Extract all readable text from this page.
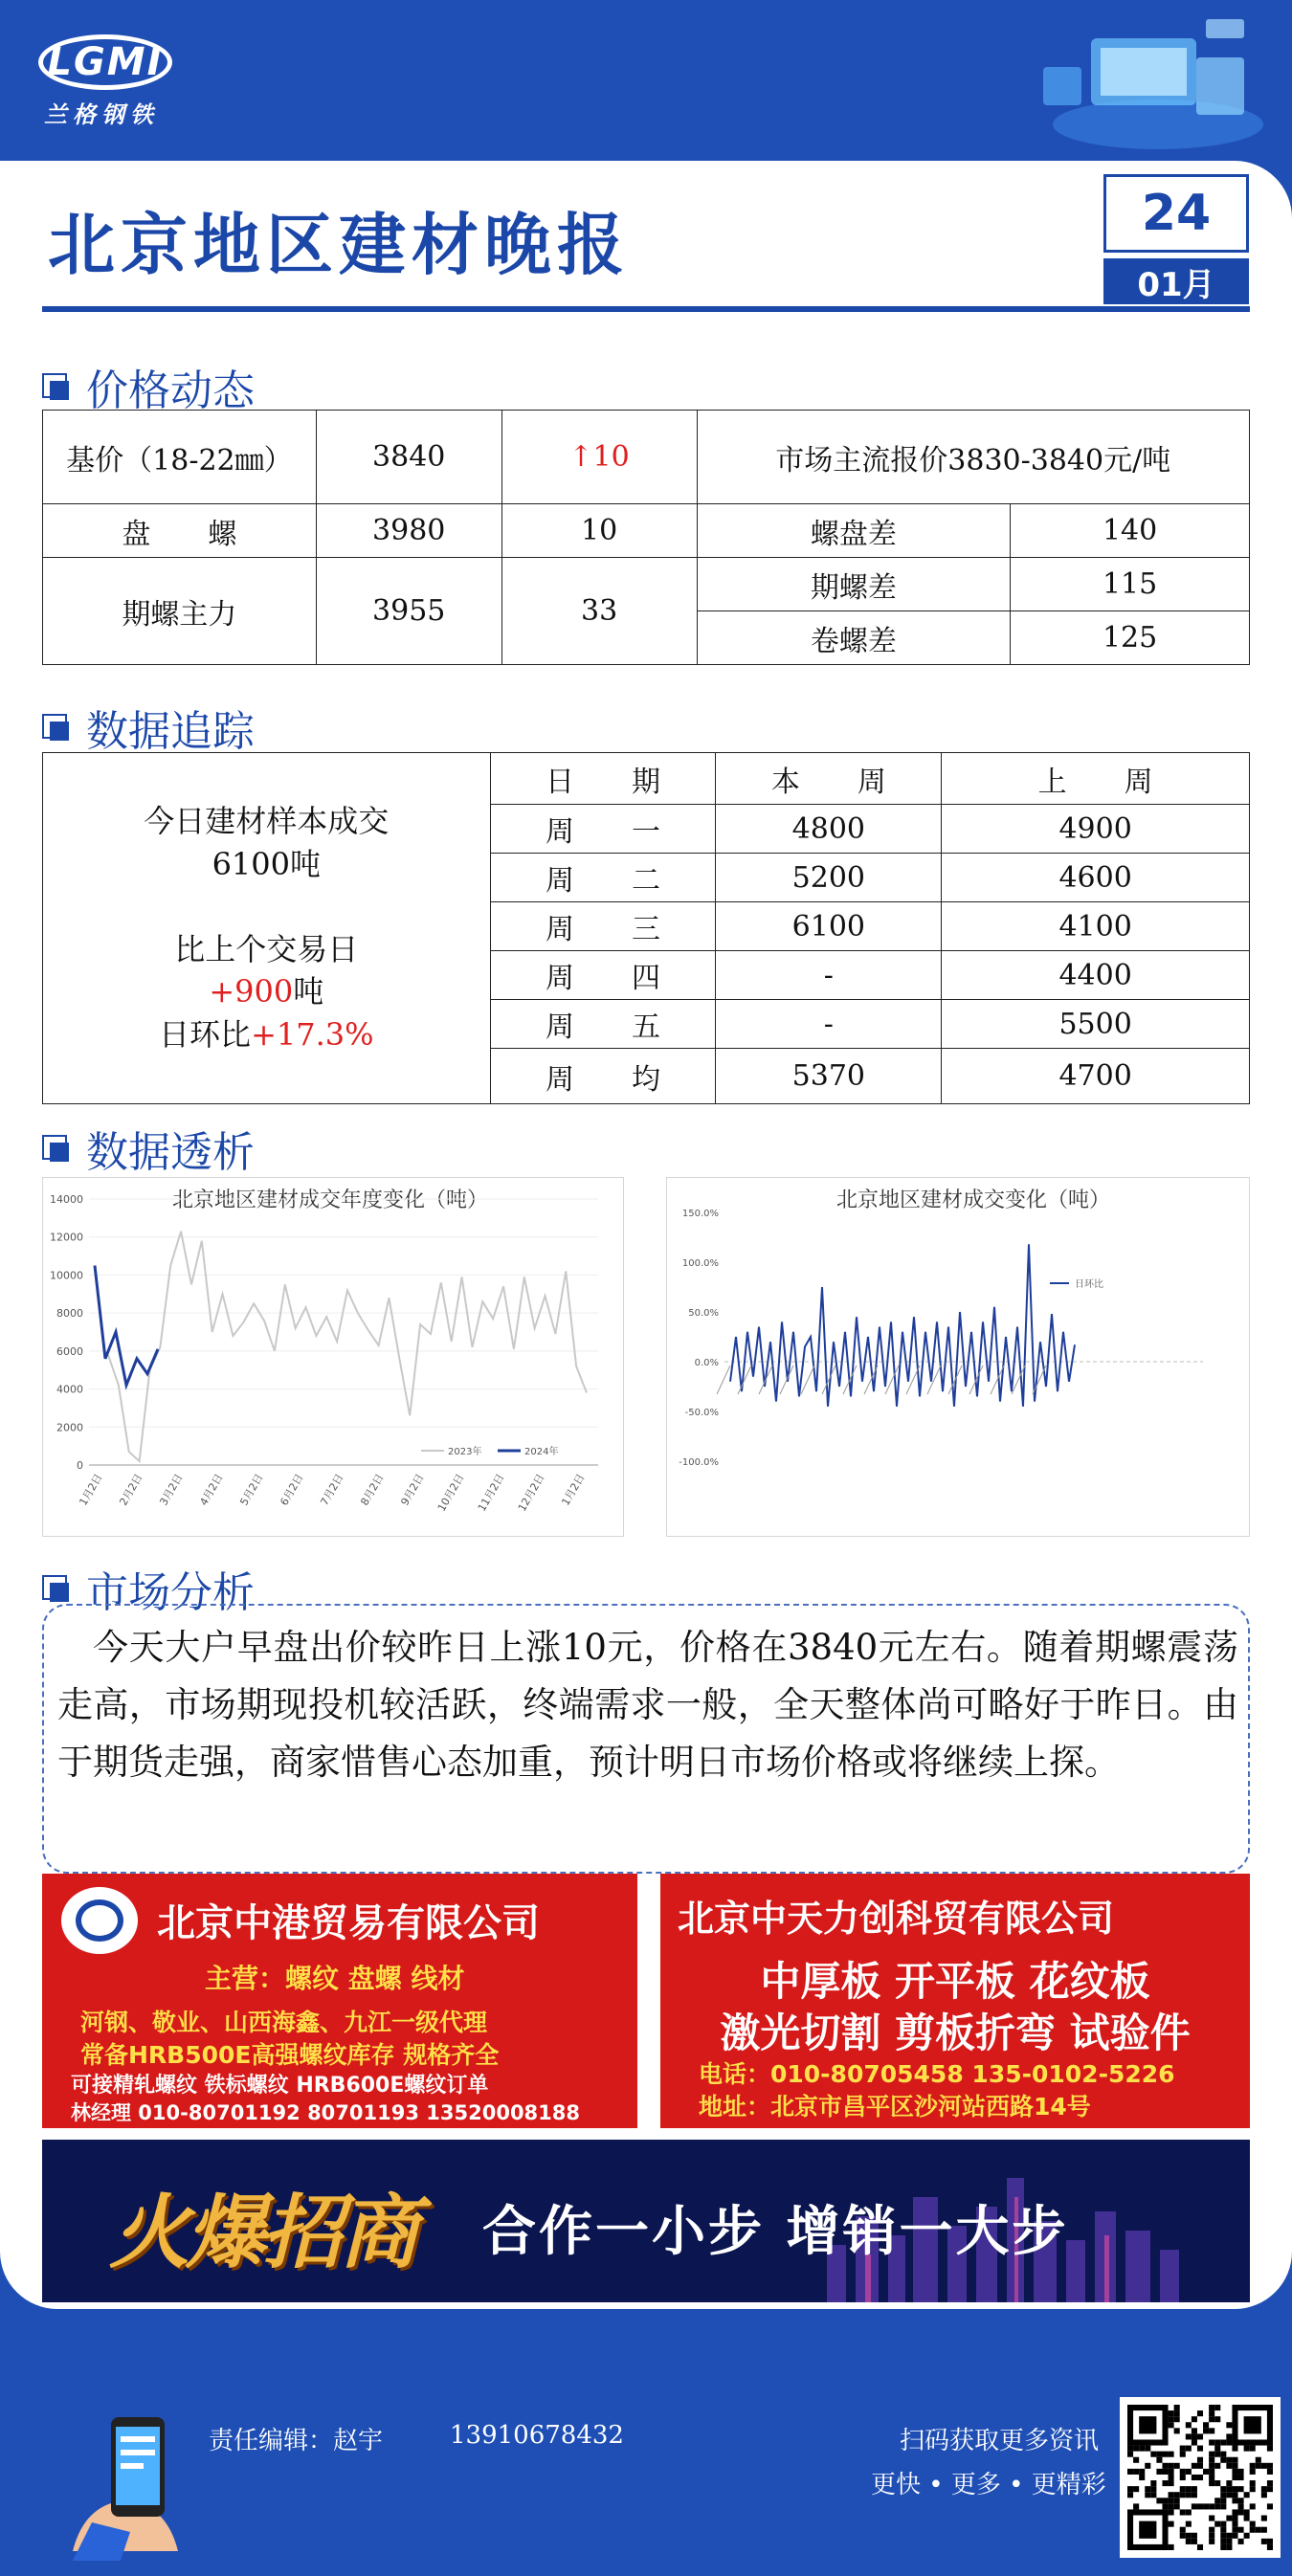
LGMI
兰格钢铁
北京地区建材晚报	24
01月
价格动态
基价（18-22㎜）	3840	↑10	市场主流报价3830-3840元/吨	
盘　　螺	3980	10	螺盘差	140
期螺主力	3955	33	期螺差	115
			卷螺差	125
数据追踪
今日建材样本成交
6100吨
比上个交易日
+900吨
日环比+17.3%	日　　期	本　　周	上　　周
	周　　一	4800	4900
	周　　二	5200	4600
	周　　三	6100	4100
	周　　四	-	4400
	周　　五	-	5500
	周　　均	5370	4700
数据透析
北京地区建材成交年度变化（吨）
0
2000
4000
6000
8000
10000
12000
14000
1月2日 2月2日 3月2日 4月2日 5月2日 6月2日 7月2日 8月2日 9月2日 10月2日 11月2日 12月2日 1月2日
2023年	2024年
北京地区建材成交变化（吨）
-100.0%
-50.0%
0.0%
50.0%
100.0%
150.0%
日环比
市场分析
今天大户早盘出价较昨日上涨10元，价格在3840元左右。随着期螺震荡走高，市场期现投机较活跃，终端需求一般，全天整体尚可略好于昨日。由于期货走强，商家惜售心态加重，预计明日市场价格或将继续上探。
北京中港贸易有限公司
主营：螺纹 盘螺 线材
河钢、敬业、山西海鑫、九江一级代理
常备HRB500E高强螺纹库存 规格齐全
可接精轧螺纹 铁标螺纹 HRB600E螺纹订单
林经理 010-80701192 80701193 13520008188
北京中天力创科贸有限公司
中厚板 开平板 花纹板
激光切割 剪板折弯 试验件
电话：010-80705458 135-0102-5226
地址：北京市昌平区沙河站西路14号
火爆招商 合作一小步 增销一大步
责任编辑：赵宇	13910678432	扫码获取更多资讯
更快 • 更多 • 更精彩
